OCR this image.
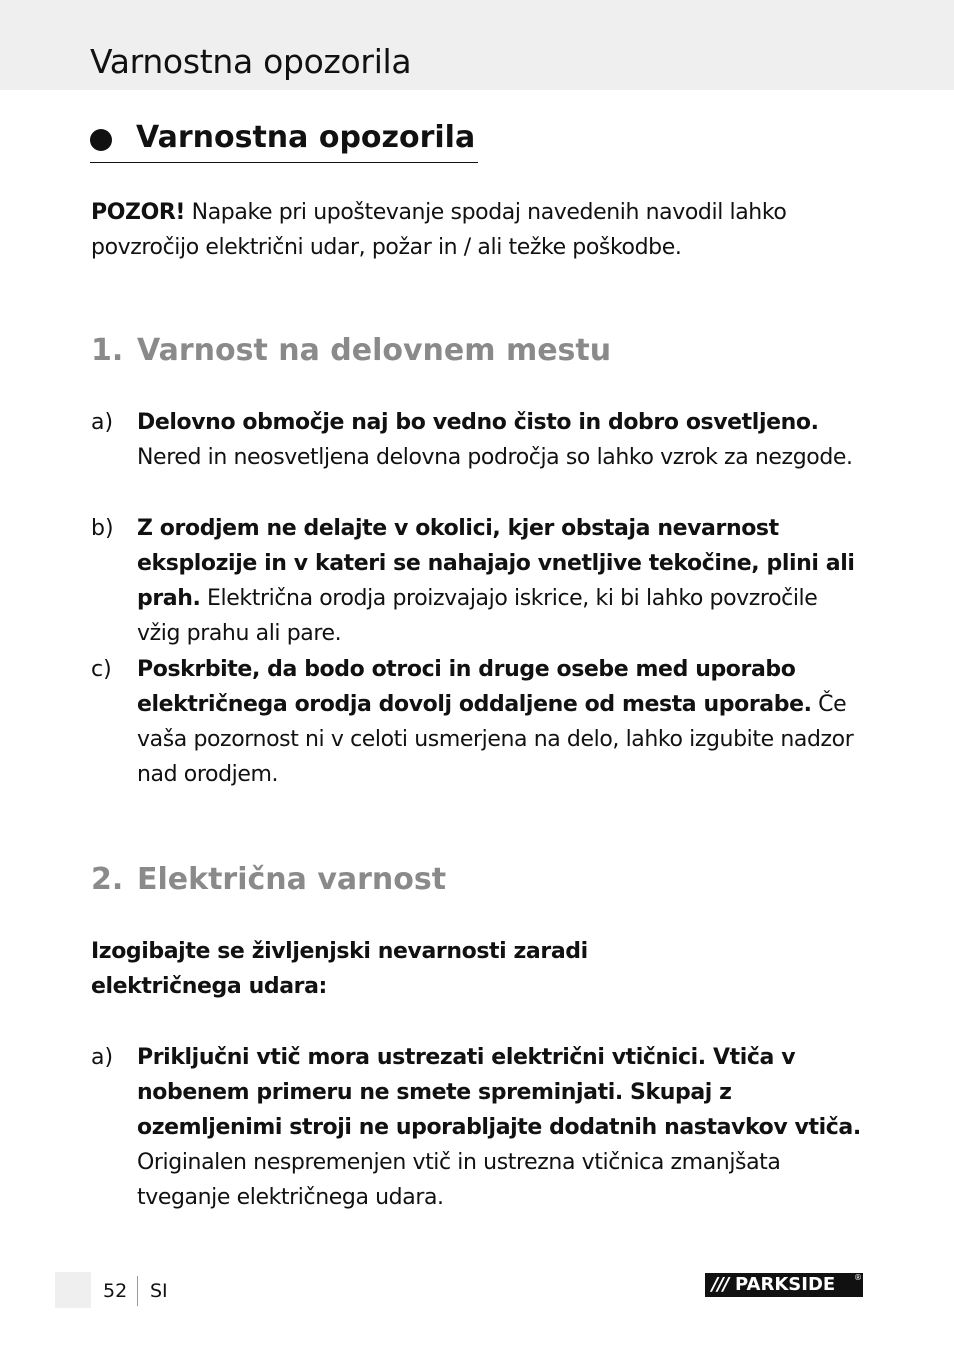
Varnostna opozorila
Varnostna opozorila

POZOR! Napake pri upoštevanje spodaj navedenih navodil lahko povzročijo električni udar, požar in / ali težke poškodbe.

1. Varnost na delovnem mestu
a) Delovno območje naj bo vedno čisto in dobro osvetljeno. Nered in neosvetljena delovna področja so lahko vzrok za nezgode.

b) Z orodjem ne delajte v okolici, kjer obstaja nevarnost eksplozije in v kateri se nahajajo vnetljive tekočine, plini ali prah. Električna orodja proizvajajo iskrice, ki bi lahko povzročile vžig prahu ali pare.

c) Poskrbite, da bodo otroci in druge osebe med uporabo električnega orodja dovolj oddaljene od mesta uporabe. Če vaša pozornost ni v celoti usmerjena na delo, lahko izgubite nadzor nad orodjem.

2. Električna varnost

Izogibajte se življenjski nevarnosti zaradi električnega udara:

a) Priključni vtič mora ustrezati električni vtičnici. Vtiča v nobenem primeru ne smete spreminjati. Skupaj z ozemljenimi stroji ne uporabljajte dodatnih nastavkov vtiča. Originalen nespremenjen vtič in ustrezna vtičnica zmanjšata tveganje električnega udara.

52 SI	/// PARKSIDE ®
